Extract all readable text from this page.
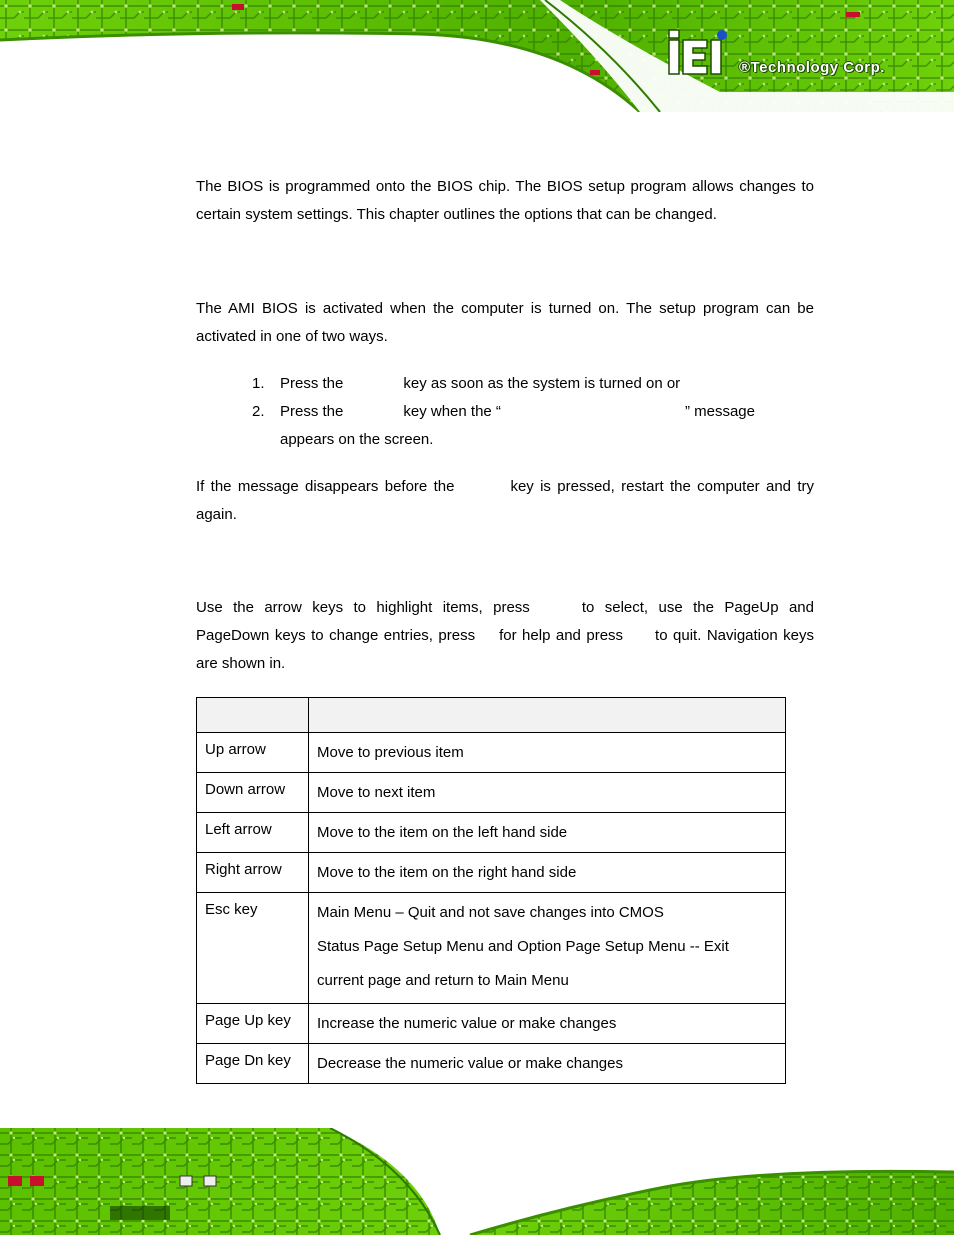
®Technology Corp.
The BIOS is programmed onto the BIOS chip. The BIOS setup program allows changes to certain system settings. This chapter outlines the options that can be changed.
The AMI BIOS is activated when the computer is turned on. The setup program can be activated in one of two ways.
1. Press the	key as soon as the system is turned on or
2. Press the	key when the “	” message
appears on the screen.
If the message disappears before the	key is pressed, restart the computer and try again.
Use the arrow keys to highlight items, press	to select, use the PageUp and PageDown keys to change entries, press for help and press to quit. Navigation keys are shown in.

Up arrow	Move to previous item

Down arrow	Move to next item

Left arrow	Move to the item on the left hand side

Right arrow	Move to the item on the right hand side

Esc key	Main Menu – Quit and not save changes into CMOS
Status Page Setup Menu and Option Page Setup Menu -- Exit
current page and return to Main Menu

Page Up key	Increase the numeric value or make changes

Page Dn key	Decrease the numeric value or make changes
